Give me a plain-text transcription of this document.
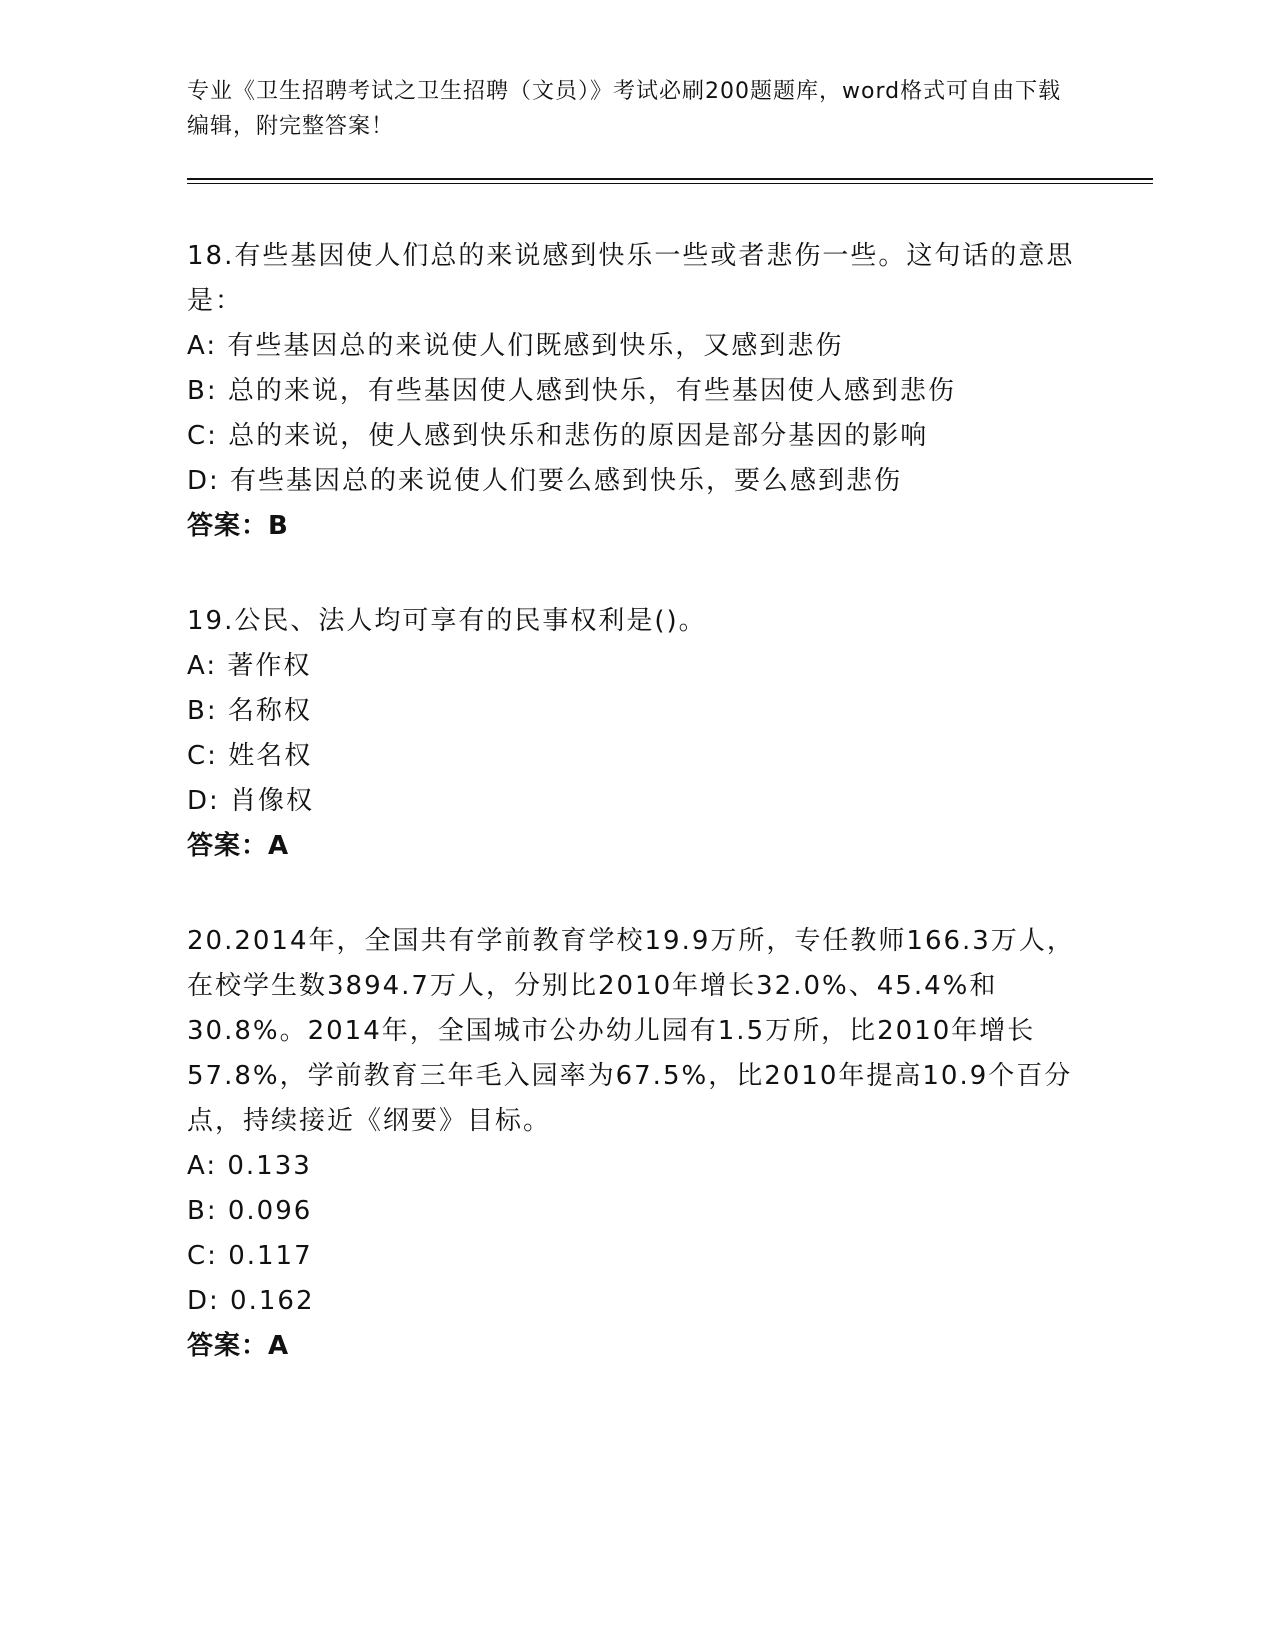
专业《卫生招聘考试之卫生招聘（文员）》考试必刷200题题库，word格式可自由下载编辑，附完整答案！
18.有些基因使人们总的来说感到快乐一些或者悲伤一些。这句话的意思是：
A: 有些基因总的来说使人们既感到快乐，又感到悲伤
B: 总的来说，有些基因使人感到快乐，有些基因使人感到悲伤
C: 总的来说，使人感到快乐和悲伤的原因是部分基因的影响
D: 有些基因总的来说使人们要么感到快乐，要么感到悲伤
答案：B
19.公民、法人均可享有的民事权利是()。
A: 著作权
B: 名称权
C: 姓名权
D: 肖像权
答案：A
20.2014年，全国共有学前教育学校19.9万所，专任教师166.3万人，在校学生数3894.7万人，分别比2010年增长32.0%、45.4%和30.8%。2014年，全国城市公办幼儿园有1.5万所，比2010年增长57.8%，学前教育三年毛入园率为67.5%，比2010年提高10.9个百分点，持续接近《纲要》目标。
A: 0.133
B: 0.096
C: 0.117
D: 0.162
答案：A
